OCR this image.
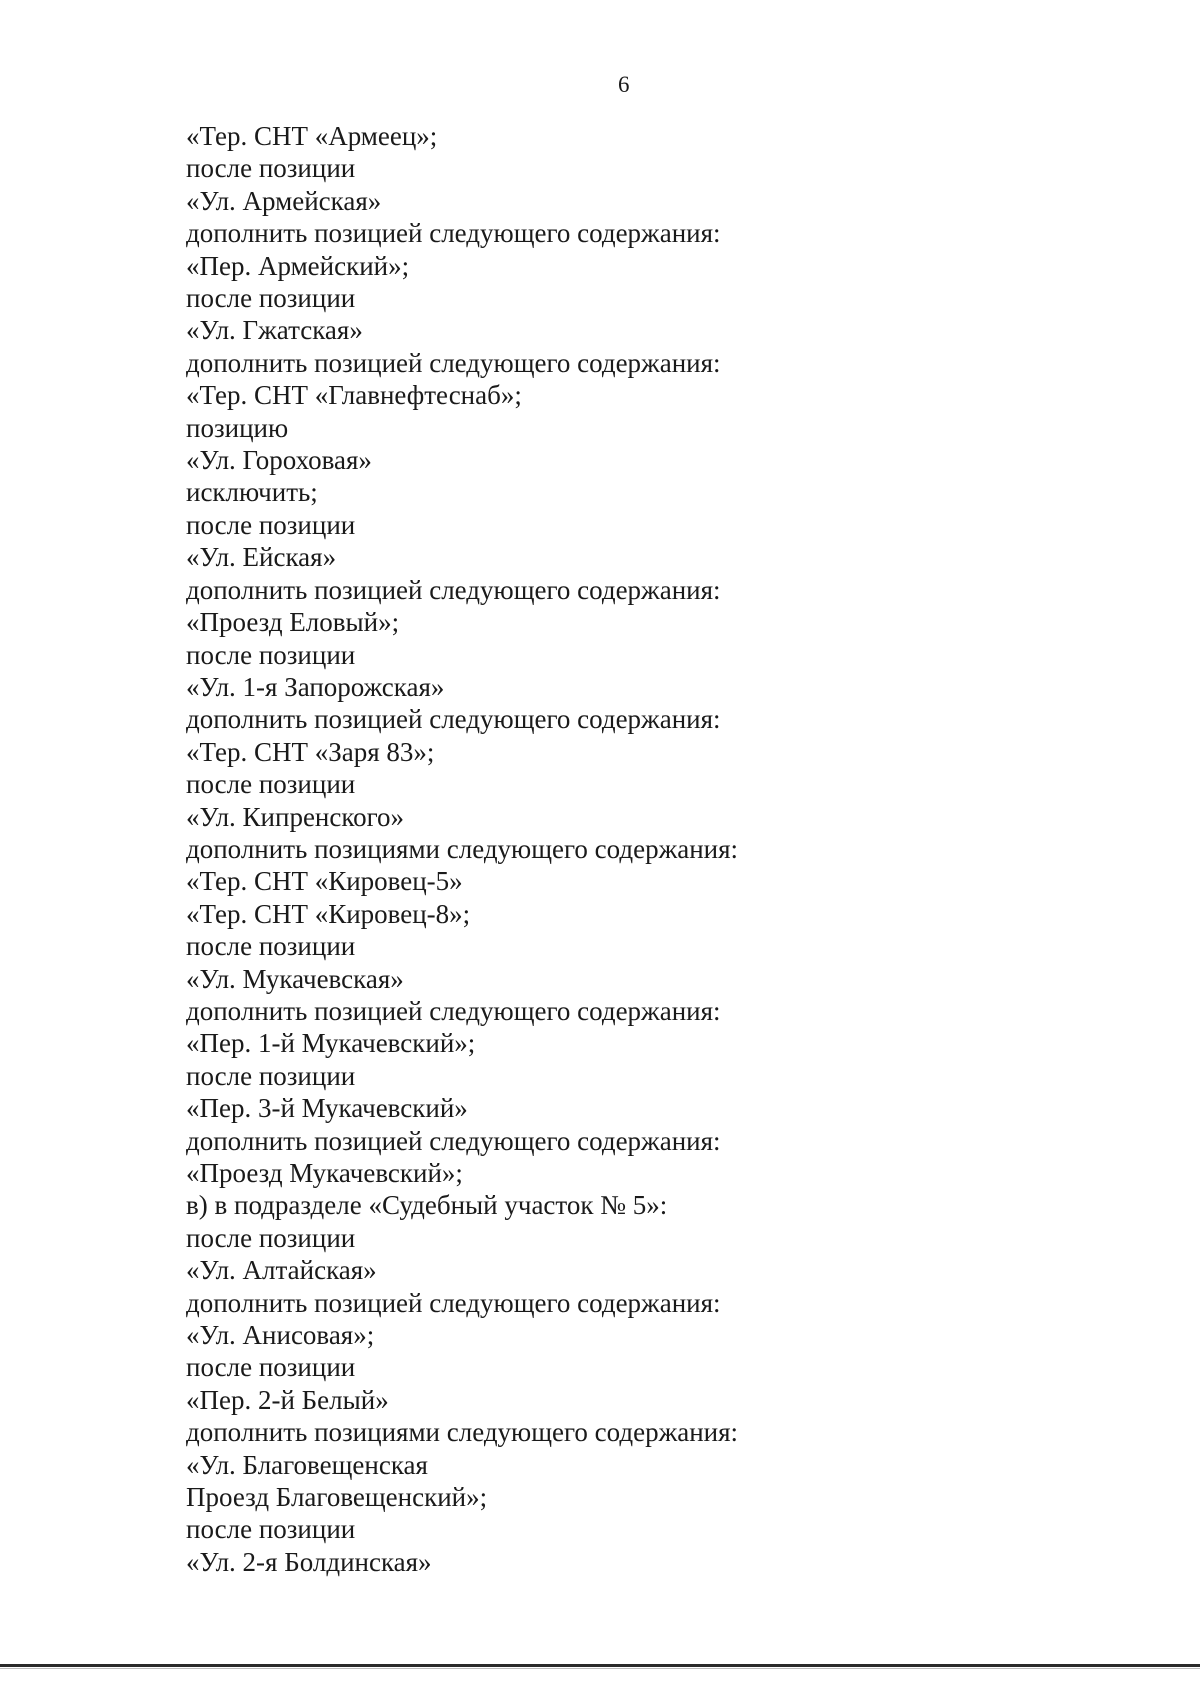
6
«Тер. СНТ «Армеец»;
после позиции
«Ул. Армейская»
дополнить позицией следующего содержания:
«Пер. Армейский»;
после позиции
«Ул. Гжатская»
дополнить позицией следующего содержания:
«Тер. СНТ «Главнефтеснаб»;
позицию
«Ул. Гороховая»
исключить;
после позиции
«Ул. Ейская»
дополнить позицией следующего содержания:
«Проезд Еловый»;
после позиции
«Ул. 1-я Запорожская»
дополнить позицией следующего содержания:
«Тер. СНТ «Заря 83»;
после позиции
«Ул. Кипренского»
дополнить позициями следующего содержания:
«Тер. СНТ «Кировец-5»
«Тер. СНТ «Кировец-8»;
после позиции
«Ул. Мукачевская»
дополнить позицией следующего содержания:
«Пер. 1-й Мукачевский»;
после позиции
«Пер. 3-й Мукачевский»
дополнить позицией следующего содержания:
«Проезд Мукачевский»;
в) в подразделе «Судебный участок № 5»:
после позиции
«Ул. Алтайская»
дополнить позицией следующего содержания:
«Ул. Анисовая»;
после позиции
«Пер. 2-й Белый»
дополнить позициями следующего содержания:
«Ул. Благовещенская
Проезд Благовещенский»;
после позиции
«Ул. 2-я Болдинская»
